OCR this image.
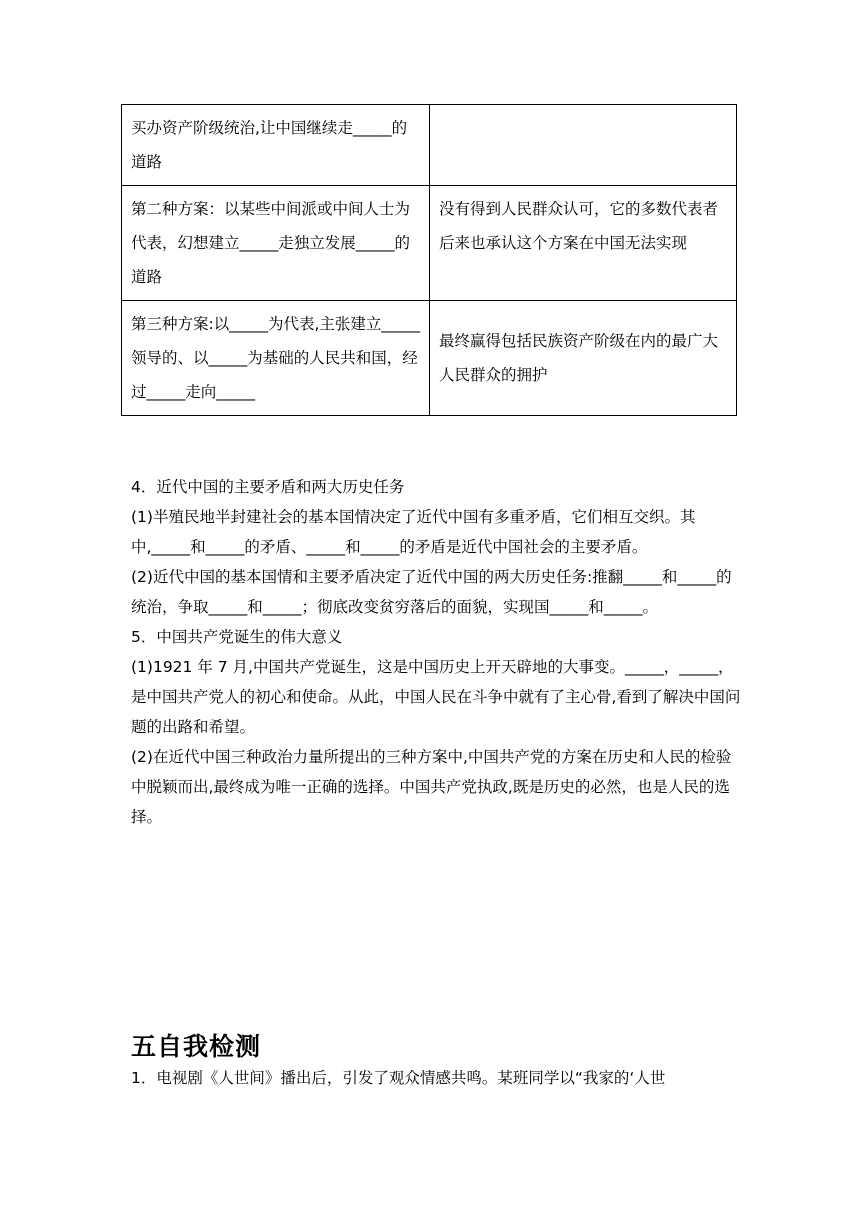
买办资产阶级统治,让中国继续走_____的道路	
第二种方案：以某些中间派或中间人士为代表，幻想建立_____走独立发展_____的道路	没有得到人民群众认可，它的多数代表者后来也承认这个方案在中国无法实现
第三种方案:以_____为代表,主张建立_____领导的、以_____为基础的人民共和国，经过_____走向_____	最终赢得包括民族资产阶级在内的最广大人民群众的拥护

4．近代中国的主要矛盾和两大历史任务

(1)半殖民地半封建社会的基本国情决定了近代中国有多重矛盾，它们相互交织。其中,_____和_____的矛盾、_____和_____的矛盾是近代中国社会的主要矛盾。

(2)近代中国的基本国情和主要矛盾决定了近代中国的两大历史任务:推翻_____和_____的统治，争取_____和_____；彻底改变贫穷落后的面貌，实现国_____和_____。

5．中国共产党诞生的伟大意义

(1)1921 年 7 月,中国共产党诞生，这是中国历史上开天辟地的大事变。_____，_____，是中国共产党人的初心和使命。从此，中国人民在斗争中就有了主心骨,看到了解决中国问题的出路和希望。

(2)在近代中国三种政治力量所提出的三种方案中,中国共产党的方案在历史和人民的检验中脱颖而出,最终成为唯一正确的选择。中国共产党执政,既是历史的必然，也是人民的选择。

五自我检测
1．电视剧《人世间》播出后，引发了观众情感共鸣。某班同学以“我家的‘人世
